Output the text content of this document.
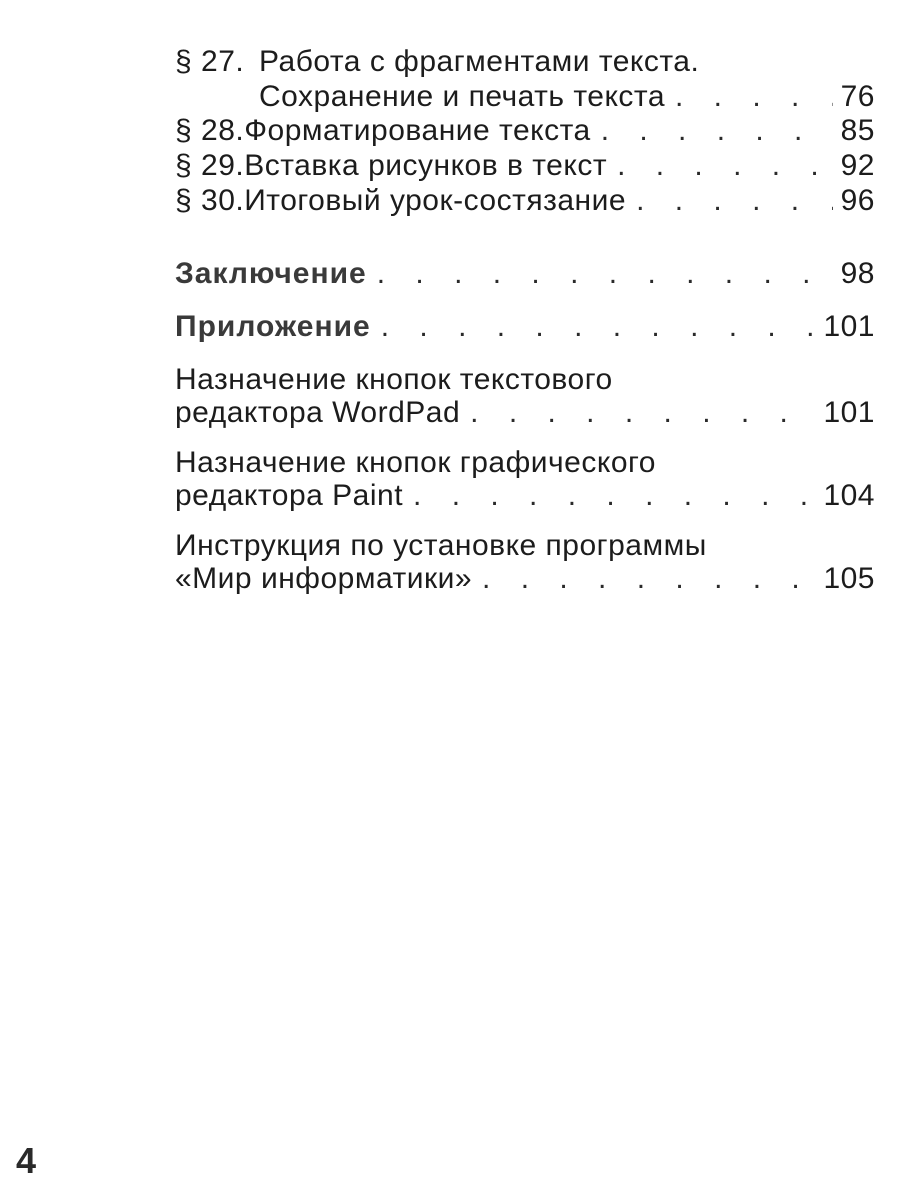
§ 27. Работа с фрагментами текста.
Сохранение и печать текста . . .	76
§ 28. Форматирование текста . . .	85
§ 29. Вставка рисунков в текст . . .	92
§ 30. Итоговый урок-состязание . . .	96
Заключение . . .	98
Приложение . . .	101
Назначение кнопок текстового
редактора WordPad . . .	101
Назначение кнопок графического
редактора Paint . . .	104
Инструкция по установке программы
«Мир информатики» . . .	105
4
